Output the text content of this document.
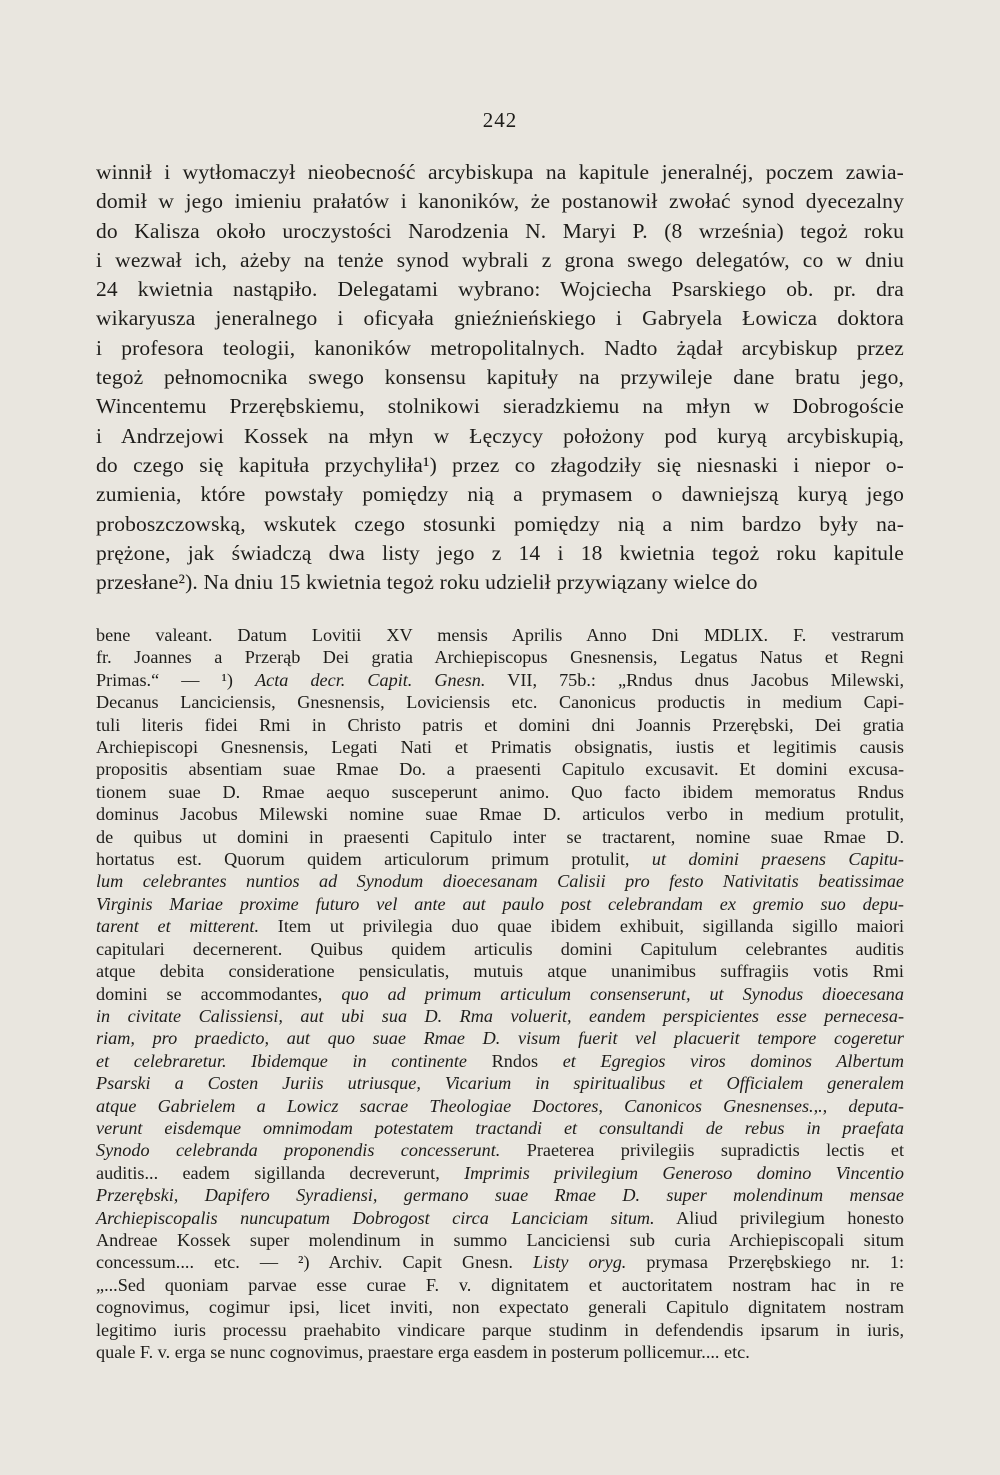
242
winnił i wytłomaczył nieobecność arcybiskupa na kapitule jeneralnéj, poczem zawia-
domił w jego imieniu prałatów i kanoników, że postanowił zwołać synod dyecezalny
do Kalisza około uroczystości Narodzenia N. Maryi P. (8 września) tegoż roku
i wezwał ich, ażeby na tenże synod wybrali z grona swego delegatów, co w dniu
24 kwietnia nastąpiło. Delegatami wybrano: Wojciecha Psarskiego ob. pr. dra
wikaryusza jeneralnego i oficyała gnieźnieńskiego i Gabryela Łowicza doktora
i profesora teologii, kanoników metropolitalnych. Nadto żądał arcybiskup przez
tegoż pełnomocnika swego konsensu kapituły na przywileje dane bratu jego,
Wincentemu Przerębskiemu, stolnikowi sieradzkiemu na młyn w Dobrogoście
i Andrzejowi Kossek na młyn w Łęczycy położony pod kuryą arcybiskupią,
do czego się kapituła przychyliła¹) przez co złagodziły się niesnaski i niepor o-
zumienia, które powstały pomiędzy nią a prymasem o dawniejszą kuryą jego
proboszczowską, wskutek czego stosunki pomiędzy nią a nim bardzo były na-
prężone, jak świadczą dwa listy jego z 14 i 18 kwietnia tegoż roku kapitule
przesłane²). Na dniu 15 kwietnia tegoż roku udzielił przywiązany wielce do
bene valeant. Datum Lovitii XV mensis Aprilis Anno Dni MDLIX. F. vestrarum
fr. Joannes a Przerąb Dei gratia Archiepiscopus Gnesnensis, Legatus Natus et Regni
Primas.“ — ¹) Acta decr. Capit. Gnesn. VII, 75b.: „Rndus dnus Jacobus Milewski,
Decanus Lanciciensis, Gnesnensis, Loviciensis etc. Canonicus productis in medium Capi-
tuli literis fidei Rmi in Christo patris et domini dni Joannis Przerębski, Dei gratia
Archiepiscopi Gnesnensis, Legati Nati et Primatis obsignatis, iustis et legitimis causis
propositis absentiam suae Rmae Do. a praesenti Capitulo excusavit. Et domini excusa-
tionem suae D. Rmae aequo susceperunt animo. Quo facto ibidem memoratus Rndus
dominus Jacobus Milewski nomine suae Rmae D. articulos verbo in medium protulit,
de quibus ut domini in praesenti Capitulo inter se tractarent, nomine suae Rmae D.
hortatus est. Quorum quidem articulorum primum protulit, ut domini praesens Capitu-
lum celebrantes nuntios ad Synodum dioecesanam Calisii pro festo Nativitatis beatissimae
Virginis Mariae proxime futuro vel ante aut paulo post celebrandam ex gremio suo depu-
tarent et mitterent. Item ut privilegia duo quae ibidem exhibuit, sigillanda sigillo maiori
capitulari decernerent. Quibus quidem articulis domini Capitulum celebrantes auditis
atque debita consideratione pensiculatis, mutuis atque unanimibus suffragiis votis Rmi
domini se accommodantes, quo ad primum articulum consenserunt, ut Synodus dioecesana
in civitate Calissiensi, aut ubi sua D. Rma voluerit, eandem perspicientes esse pernecesa-
riam, pro praedicto, aut quo suae Rmae D. visum fuerit vel placuerit tempore cogeretur
et celebraretur. Ibidemque in continente Rndos et Egregios viros dominos Albertum
Psarski a Costen Juriis utriusque, Vicarium in spiritualibus et Officialem generalem
atque Gabrielem a Lowicz sacrae Theologiae Doctores, Canonicos Gnesnenses.,., deputa-
verunt eisdemque omnimodam potestatem tractandi et consultandi de rebus in praefata
Synodo celebranda proponendis concesserunt. Praeterea privilegiis supradictis lectis et
auditis... eadem sigillanda decreverunt, Imprimis privilegium Generoso domino Vincentio
Przerębski, Dapifero Syradiensi, germano suae Rmae D. super molendinum mensae
Archiepiscopalis nuncupatum Dobrogost circa Lanciciam situm. Aliud privilegium honesto
Andreae Kossek super molendinum in summo Lanciciensi sub curia Archiepiscopali situm
concessum.... etc. — ²) Archiv. Capit Gnesn. Listy oryg. prymasa Przerębskiego nr. 1:
„...Sed quoniam parvae esse curae F. v. dignitatem et auctoritatem nostram hac in re
cognovimus, cogimur ipsi, licet inviti, non expectato generali Capitulo dignitatem nostram
legitimo iuris processu praehabito vindicare parque studinm in defendendis ipsarum in iuris,
quale F. v. erga se nunc cognovimus, praestare erga easdem in posterum pollicemur.... etc.
